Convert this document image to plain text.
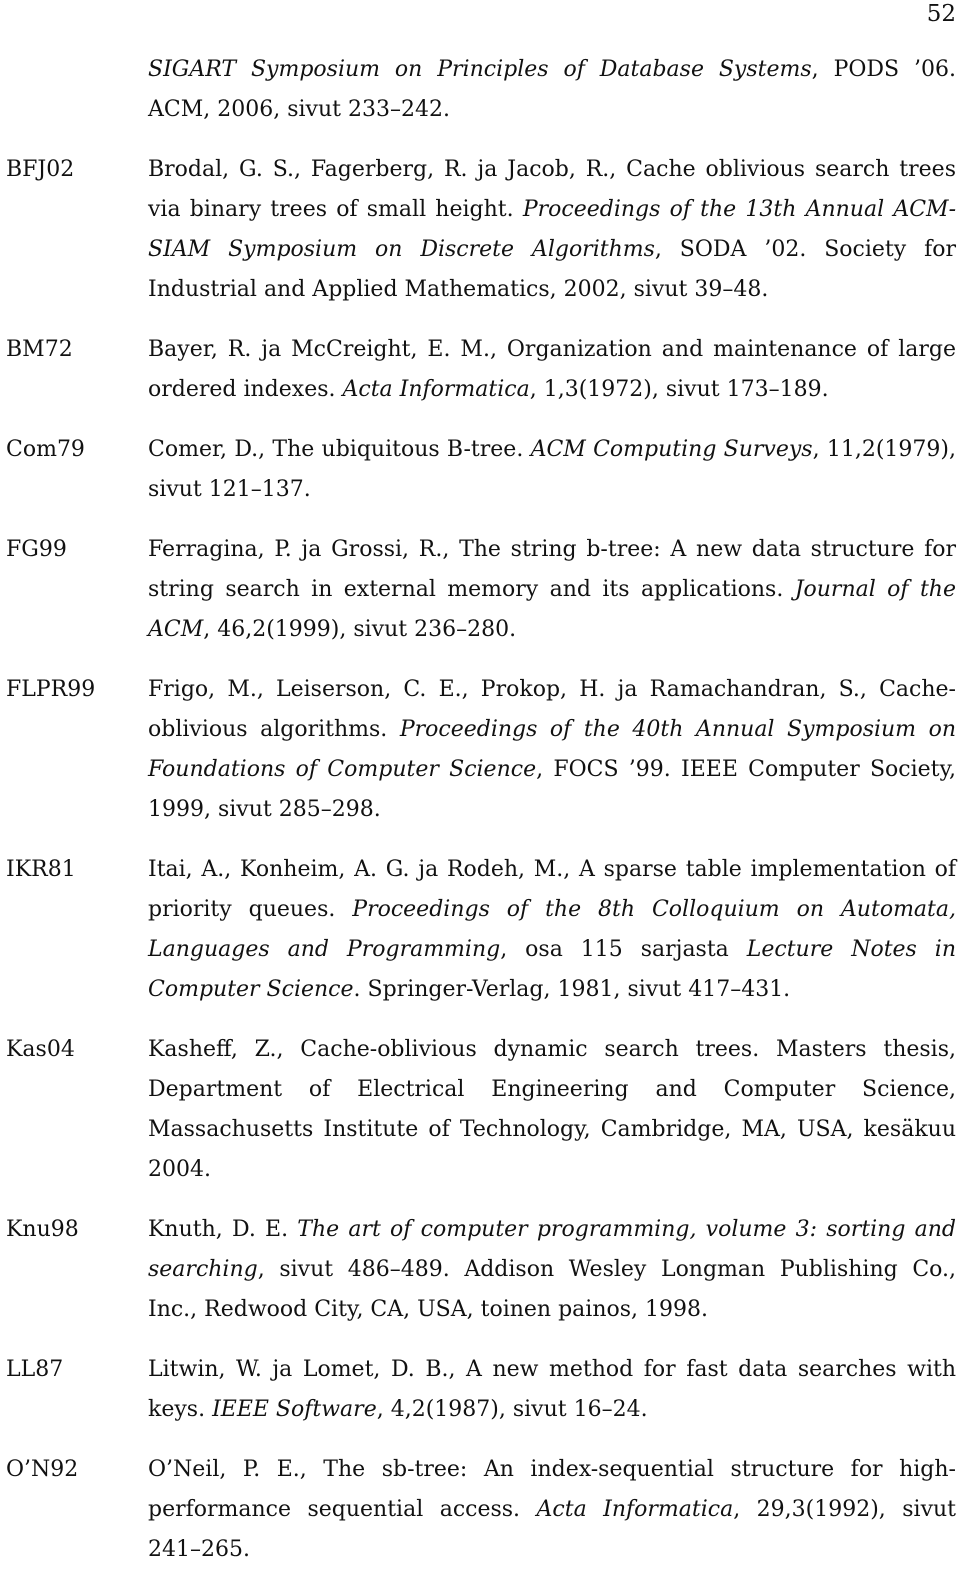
52
SIGART Symposium on Principles of Database Systems, PODS ’06. ACM, 2006, sivut 233–242.
BFJ02	Brodal, G. S., Fagerberg, R. ja Jacob, R., Cache oblivious search trees via binary trees of small height. Proceedings of the 13th Annual ACM-SIAM Symposium on Discrete Algorithms, SODA ’02. Society for Industrial and Applied Mathematics, 2002, sivut 39–48.
BM72	Bayer, R. ja McCreight, E. M., Organization and maintenance of large ordered indexes. Acta Informatica, 1,3(1972), sivut 173–189.
Com79	Comer, D., The ubiquitous B-tree. ACM Computing Surveys, 11,2(1979), sivut 121–137.
FG99	Ferragina, P. ja Grossi, R., The string b-tree: A new data structure for string search in external memory and its applications. Journal of the ACM, 46,2(1999), sivut 236–280.
FLPR99 Frigo, M., Leiserson, C. E., Prokop, H. ja Ramachandran, S., Cache-oblivious algorithms. Proceedings of the 40th Annual Symposium on Foundations of Computer Science, FOCS ’99. IEEE Computer Society, 1999, sivut 285–298.
IKR81	Itai, A., Konheim, A. G. ja Rodeh, M., A sparse table implementation of priority queues. Proceedings of the 8th Colloquium on Automata, Languages and Programming, osa 115 sarjasta Lecture Notes in Computer Science. Springer-Verlag, 1981, sivut 417–431.
Kas04	Kasheff, Z., Cache-oblivious dynamic search trees. Masters thesis, Department of Electrical Engineering and Computer Science, Massachusetts Institute of Technology, Cambridge, MA, USA, kesäkuu 2004.
Knu98	Knuth, D. E. The art of computer programming, volume 3: sorting and searching, sivut 486–489. Addison Wesley Longman Publishing Co., Inc., Redwood City, CA, USA, toinen painos, 1998.
LL87	Litwin, W. ja Lomet, D. B., A new method for fast data searches with keys. IEEE Software, 4,2(1987), sivut 16–24.
O’N92	O’Neil, P. E., The sb-tree: An index-sequential structure for high-performance sequential access. Acta Informatica, 29,3(1992), sivut 241–265.
